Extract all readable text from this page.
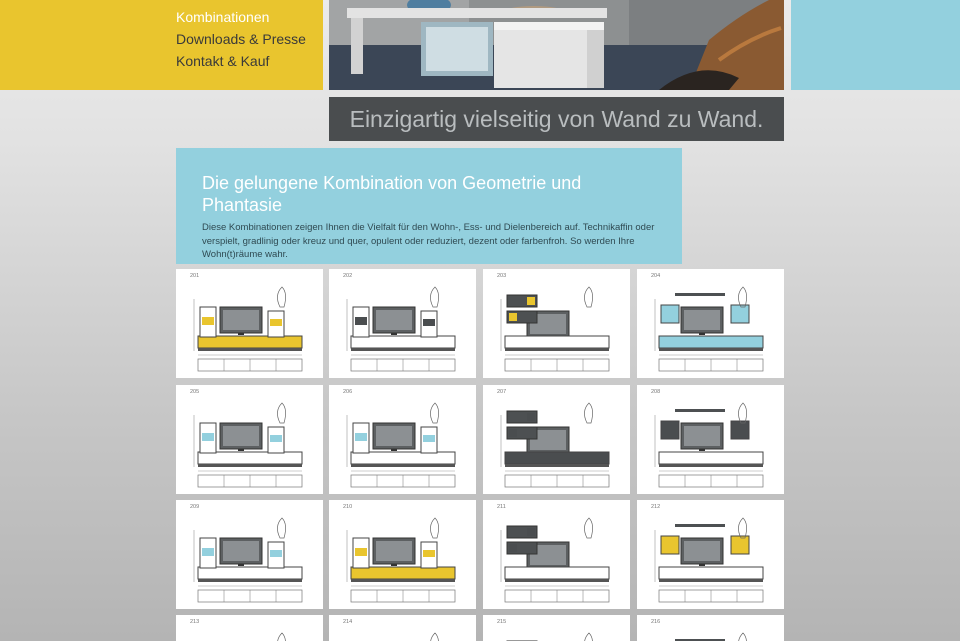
Kombinationen
Downloads & Presse
Kontakt & Kauf
Einzigartig vielseitig von Wand zu Wand.
Die gelungene Kombination von Geometrie und Phantasie

Diese Kombinationen zeigen Ihnen die Vielfalt für den Wohn-, Ess- und Dielenbereich auf. Technikaffin oder verspielt, gradlinig oder kreuz und quer, opulent oder reduziert, dezent oder farbenfroh. So werden Ihre Wohn(t)räume wahr.

201	202	203	204
205	206	207	208
209	210	211	212
213	214	215	216
